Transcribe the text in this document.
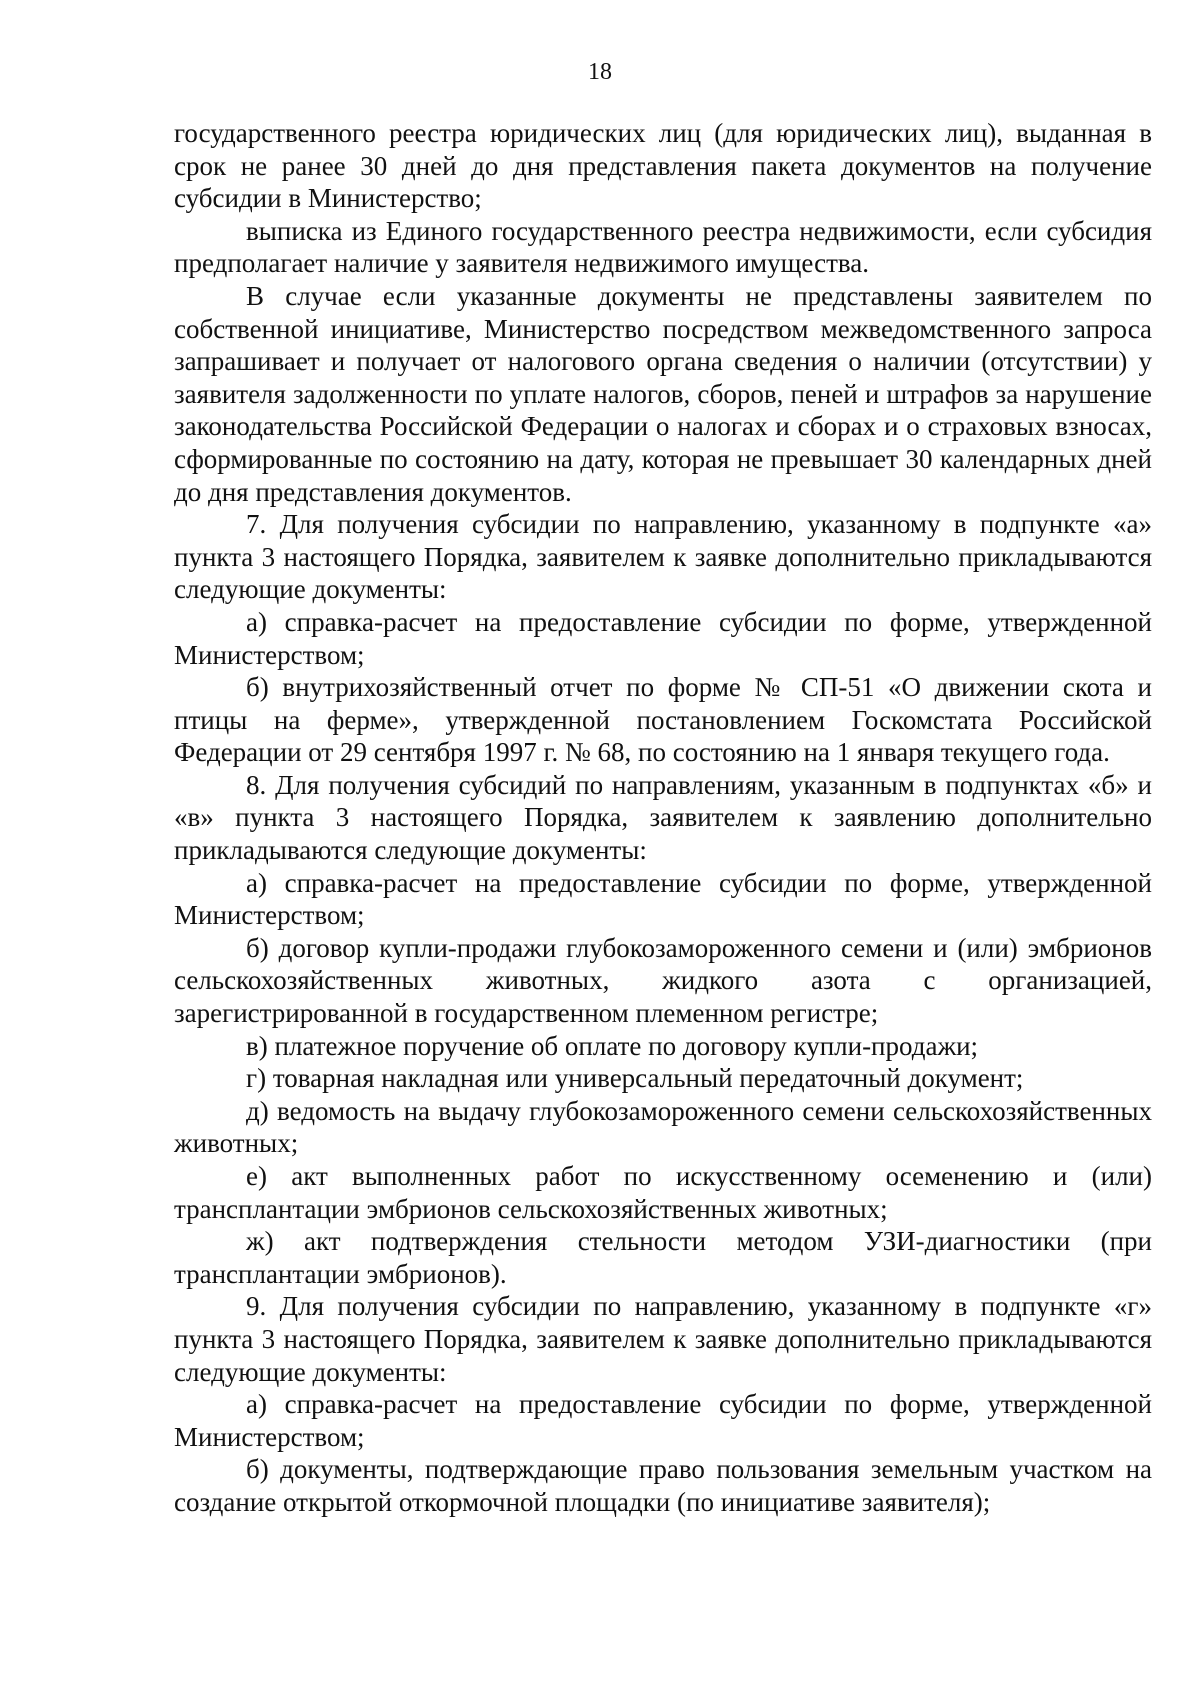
18

государственного реестра юридических лиц (для юридических лиц), выданная в срок не ранее 30 дней до дня представления пакета документов на получение субсидии в Министерство;

выписка из Единого государственного реестра недвижимости, если субсидия предполагает наличие у заявителя недвижимого имущества.

В случае если указанные документы не представлены заявителем по собственной инициативе, Министерство посредством межведомственного запроса запрашивает и получает от налогового органа сведения о наличии (отсутствии) у заявителя задолженности по уплате налогов, сборов, пеней и штрафов за нарушение законодательства Российской Федерации о налогах и сборах и о страховых взносах, сформированные по состоянию на дату, которая не превышает 30 календарных дней до дня представления документов.

7. Для получения субсидии по направлению, указанному в подпункте «а» пункта 3 настоящего Порядка, заявителем к заявке дополнительно прикладываются следующие документы:

а) справка-расчет на предоставление субсидии по форме, утвержденной Министерством;

б) внутрихозяйственный отчет по форме № СП-51 «О движении скота и птицы на ферме», утвержденной постановлением Госкомстата Российской Федерации от 29 сентября 1997 г. № 68, по состоянию на 1 января текущего года.

8. Для получения субсидий по направлениям, указанным в подпунктах «б» и «в» пункта 3 настоящего Порядка, заявителем к заявлению дополнительно прикладываются следующие документы:

а) справка-расчет на предоставление субсидии по форме, утвержденной Министерством;

б) договор купли-продажи глубокозамороженного семени и (или) эмбрионов сельскохозяйственных животных, жидкого азота с организацией, зарегистрированной в государственном племенном регистре;

в) платежное поручение об оплате по договору купли-продажи;

г) товарная накладная или универсальный передаточный документ;

д) ведомость на выдачу глубокозамороженного семени сельскохозяйственных животных;

е) акт выполненных работ по искусственному осеменению и (или) трансплантации эмбрионов сельскохозяйственных животных;

ж) акт подтверждения стельности методом УЗИ-диагностики (при трансплантации эмбрионов).

9. Для получения субсидии по направлению, указанному в подпункте «г» пункта 3 настоящего Порядка, заявителем к заявке дополнительно прикладываются следующие документы:

а) справка-расчет на предоставление субсидии по форме, утвержденной Министерством;

б) документы, подтверждающие право пользования земельным участком на создание открытой откормочной площадки (по инициативе заявителя);
